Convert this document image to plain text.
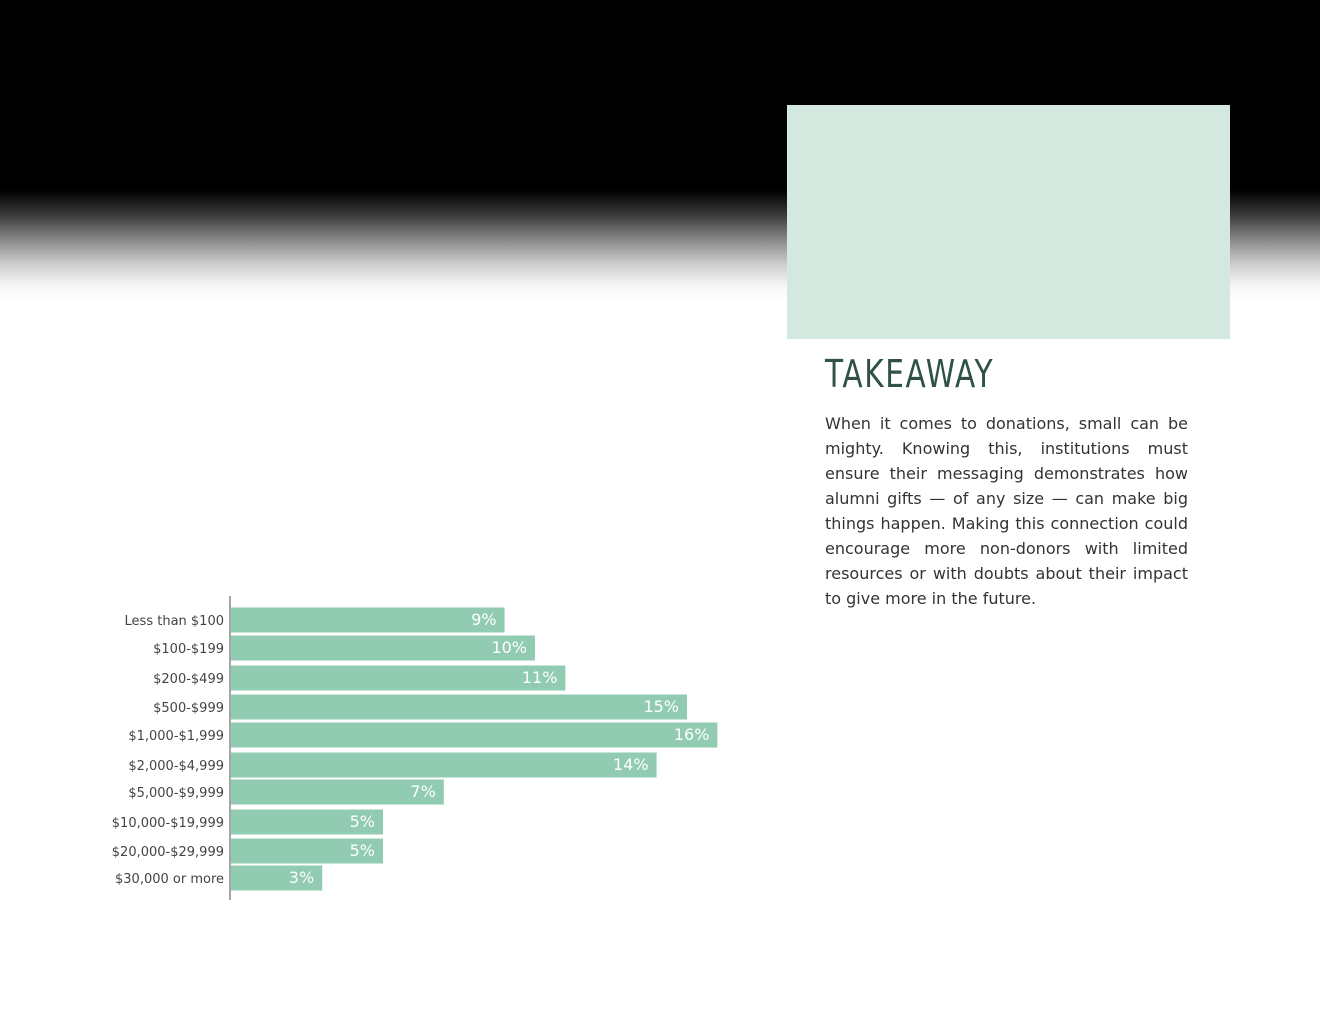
TAKEAWAY

When it comes to donations, small can be mighty. Knowing this, institutions must ensure their messaging demonstrates how alumni gifts — of any size — can make big things happen. Making this connection could encourage more non-donors with limited resources or with doubts about their impact to give more in the future.

Less than $100
$100-$199
$200-$499
$500-$999
$1,000-$1,999
$2,000-$4,999
$5,000-$9,999
$10,000-$19,999
$20,000-$29,999
$30,000 or more
9%
10%
11%
15%
16%
14%
7%
5%
5%
3%
